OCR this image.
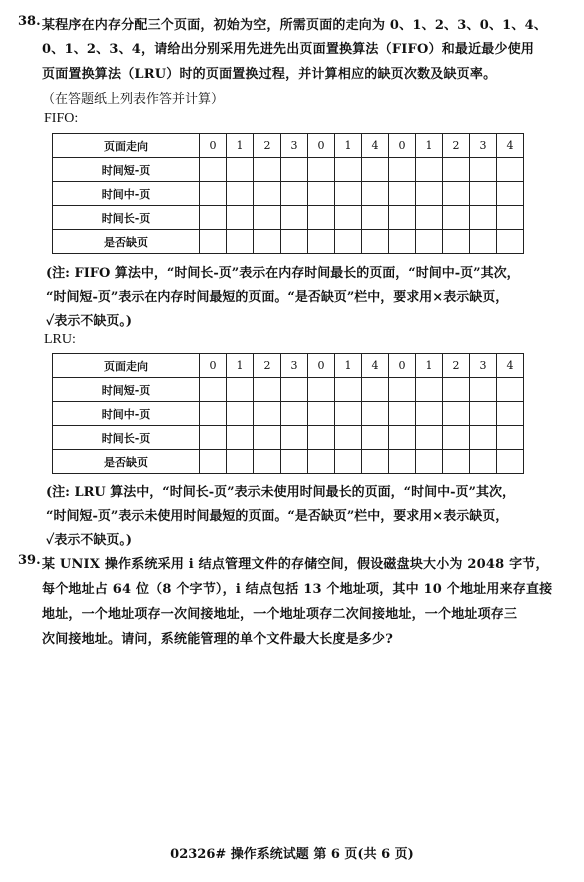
38. 某程序在内存分配三个页面，初始为空，所需页面的走向为 0、1、2、3、0、1、4、
0、1、2、3、4，请给出分别采用先进先出页面置换算法（FIFO）和最近最少使用
页面置换算法（LRU）时的页面置换过程，并计算相应的缺页次数及缺页率。
（在答题纸上列表作答并计算）
FIFO:
页面走向	0	1	2	3	0	1	4	0	1	2	3	4
时间短-页												
时间中-页												
时间长-页												
是否缺页												
(注: FIFO 算法中，“时间长-页”表示在内存时间最长的页面，“时间中-页”其次，
“时间短-页”表示在内存时间最短的页面。“是否缺页”栏中，要求用×表示缺页，
✓表示不缺页。)
LRU:
页面走向	0	1	2	3	0	1	4	0	1	2	3	4
时间短-页												
时间中-页												
时间长-页												
是否缺页												
(注: LRU 算法中，“时间长-页”表示未使用时间最长的页面，“时间中-页”其次，
“时间短-页”表示未使用时间最短的页面。“是否缺页”栏中，要求用×表示缺页，
✓表示不缺页。)
39. 某 UNIX 操作系统采用 i 结点管理文件的存储空间，假设磁盘块大小为 2048 字节，
每个地址占 64 位（8 个字节），i 结点包括 13 个地址项，其中 10 个地址用来存直接
地址，一个地址项存一次间接地址，一个地址项存二次间接地址，一个地址项存三
次间接地址。请问，系统能管理的单个文件最大长度是多少?
02326# 操作系统试题 第 6 页(共 6 页)
